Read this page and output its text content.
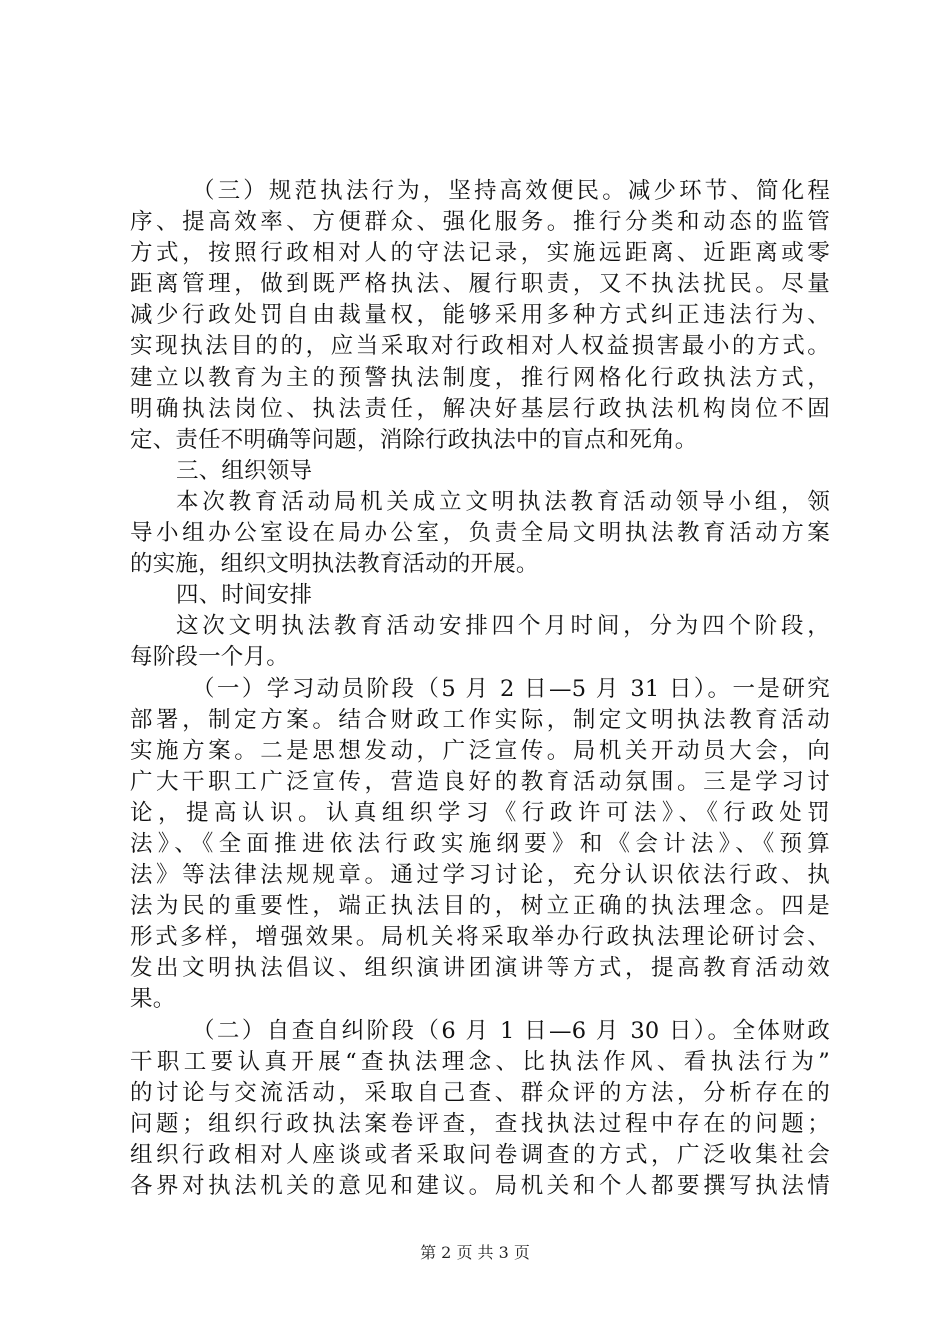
（三）规范执法行为，坚持高效便民。减少环节、简化程
序、提高效率、方便群众、强化服务。推行分类和动态的监管
方式，按照行政相对人的守法记录，实施远距离、近距离或零
距离管理，做到既严格执法、履行职责，又不执法扰民。尽量
减少行政处罚自由裁量权，能够采用多种方式纠正违法行为、
实现执法目的的，应当采取对行政相对人权益损害最小的方式。
建立以教育为主的预警执法制度，推行网格化行政执法方式，
明确执法岗位、执法责任，解决好基层行政执法机构岗位不固
定、责任不明确等问题，消除行政执法中的盲点和死角。
三、组织领导
本次教育活动局机关成立文明执法教育活动领导小组，领
导小组办公室设在局办公室，负责全局文明执法教育活动方案
的实施，组织文明执法教育活动的开展。
四、时间安排
这次文明执法教育活动安排四个月时间，分为四个阶段，
每阶段一个月。
（一）学习动员阶段（5 月 2 日—5 月 31 日）。一是研究
部署，制定方案。结合财政工作实际，制定文明执法教育活动
实施方案。二是思想发动，广泛宣传。局机关开动员大会，向
广大干职工广泛宣传，营造良好的教育活动氛围。三是学习讨
论，提高认识。认真组织学习《行政许可法》、《行政处罚
法》、《全面推进依法行政实施纲要》和《会计法》、《预算
法》等法律法规规章。通过学习讨论，充分认识依法行政、执
法为民的重要性，端正执法目的，树立正确的执法理念。四是
形式多样，增强效果。局机关将采取举办行政执法理论研讨会、
发出文明执法倡议、组织演讲团演讲等方式，提高教育活动效
果。
（二）自查自纠阶段（6 月 1 日—6 月 30 日）。全体财政
干职工要认真开展“查执法理念、比执法作风、看执法行为”
的讨论与交流活动，采取自己查、群众评的方法，分析存在的
问题；组织行政执法案卷评查，查找执法过程中存在的问题；
组织行政相对人座谈或者采取问卷调查的方式，广泛收集社会
各界对执法机关的意见和建议。局机关和个人都要撰写执法情
第 2 页 共 3 页
